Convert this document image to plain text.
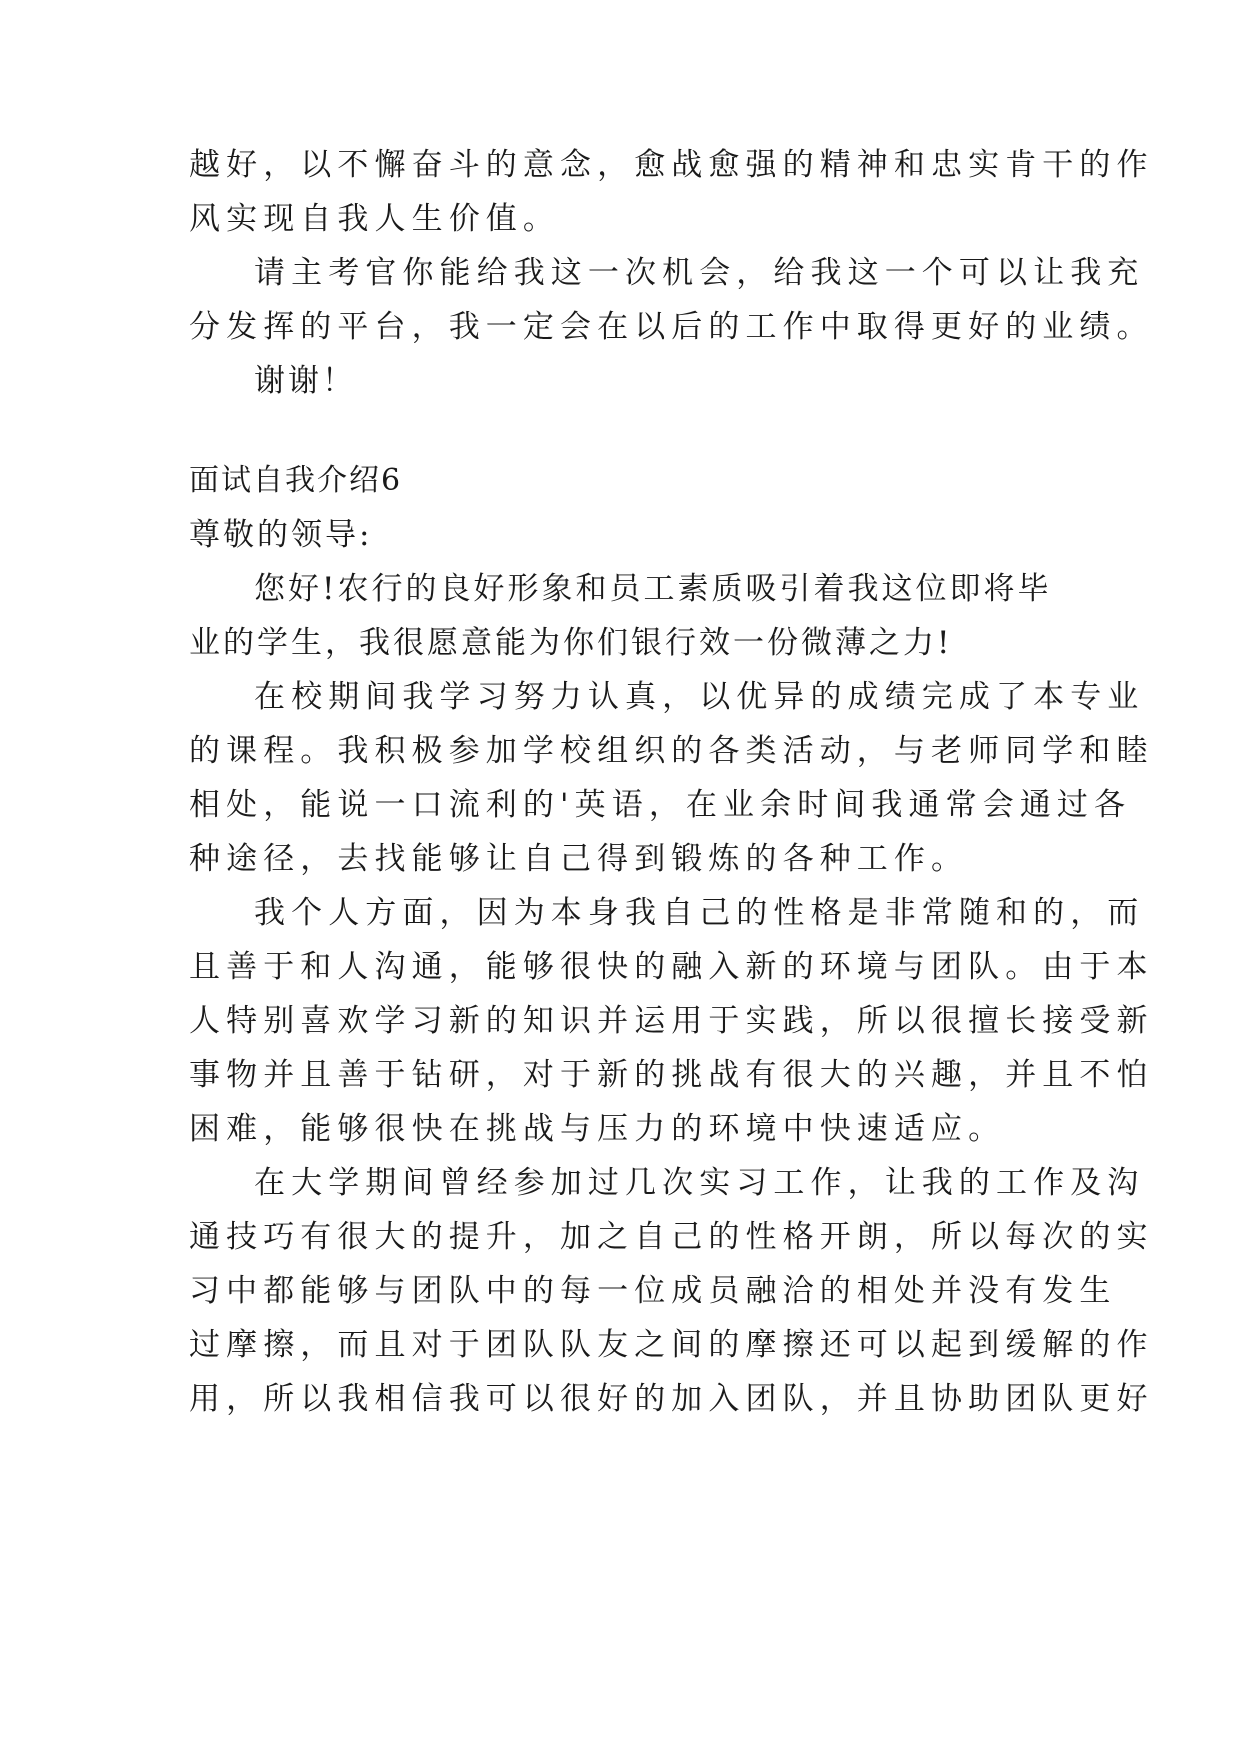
越好，以不懈奋斗的意念，愈战愈强的精神和忠实肯干的作
风实现自我人生价值。
请主考官你能给我这一次机会，给我这一个可以让我充
分发挥的平台，我一定会在以后的工作中取得更好的业绩。
谢谢！
面试自我介绍6
尊敬的领导:
您好!农行的良好形象和员工素质吸引着我这位即将毕
业的学生，我很愿意能为你们银行效一份微薄之力!
在校期间我学习努力认真，以优异的成绩完成了本专业
的课程。我积极参加学校组织的各类活动，与老师同学和睦
相处，能说一口流利的'英语，在业余时间我通常会通过各
种途径，去找能够让自己得到锻炼的各种工作。
我个人方面，因为本身我自己的性格是非常随和的，而
且善于和人沟通，能够很快的融入新的环境与团队。由于本
人特别喜欢学习新的知识并运用于实践，所以很擅长接受新
事物并且善于钻研，对于新的挑战有很大的兴趣，并且不怕
困难，能够很快在挑战与压力的环境中快速适应。
在大学期间曾经参加过几次实习工作，让我的工作及沟
通技巧有很大的提升，加之自己的性格开朗，所以每次的实
习中都能够与团队中的每一位成员融洽的相处并没有发生
过摩擦，而且对于团队队友之间的摩擦还可以起到缓解的作
用，所以我相信我可以很好的加入团队，并且协助团队更好
